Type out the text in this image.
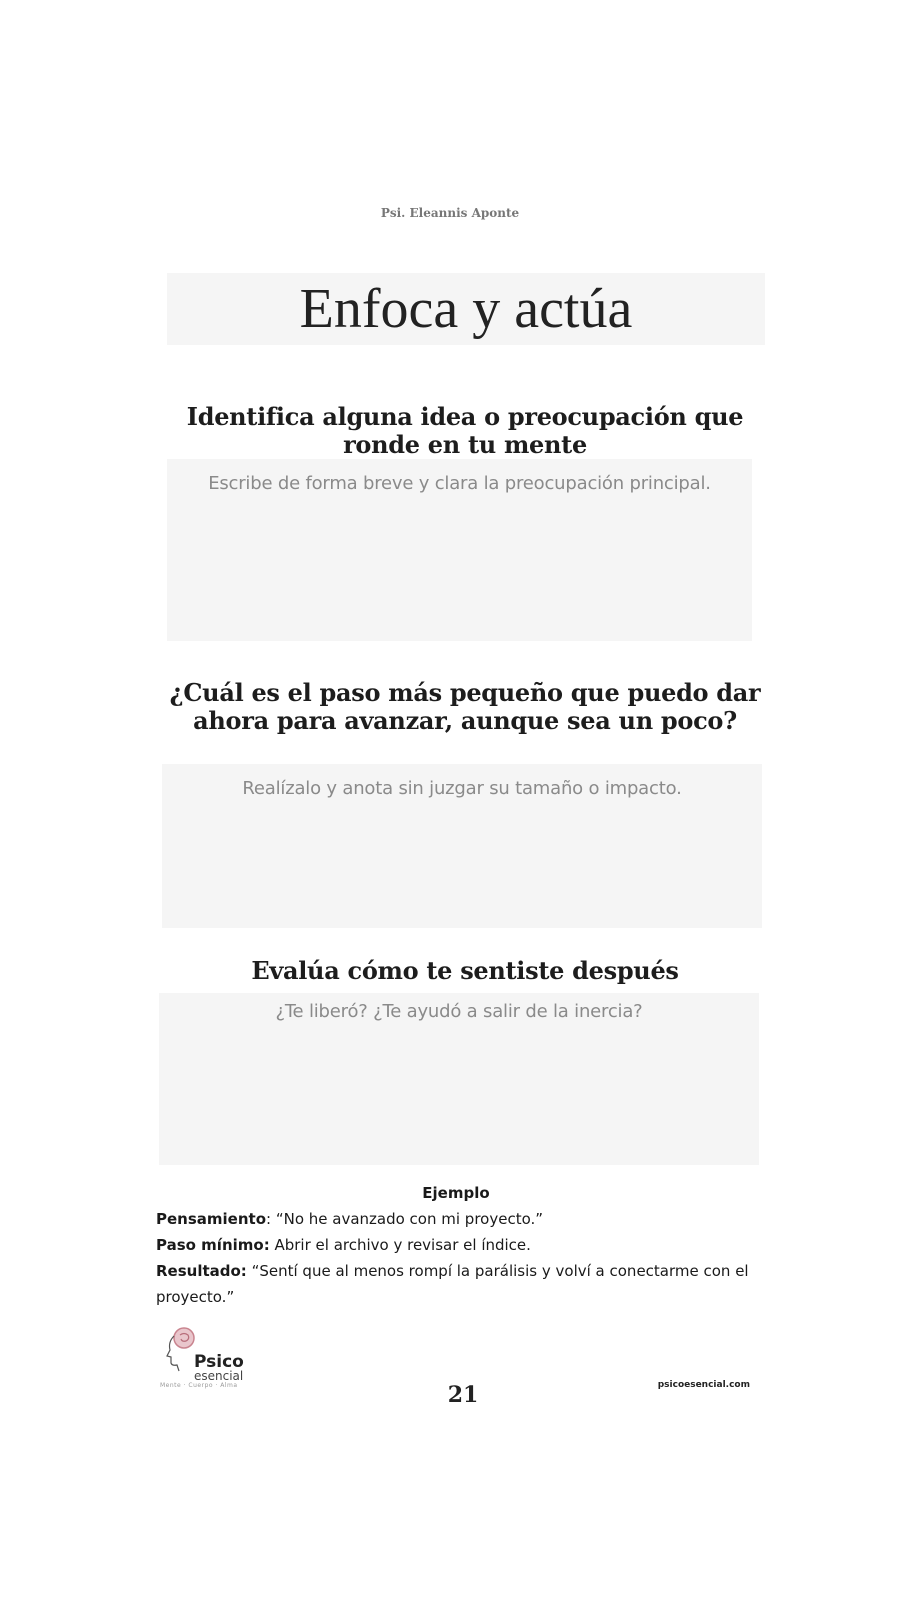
Psi. Eleannis Aponte
Enfoca y actúa
Identifica alguna idea o preocupación que ronde en tu mente
Escribe de forma breve y clara la preocupación principal.
¿Cuál es el paso más pequeño que puedo dar ahora para avanzar, aunque sea un poco?
Realízalo y anota sin juzgar su tamaño o impacto.
Evalúa cómo te sentiste después
¿Te liberó? ¿Te ayudó a salir de la inercia?
Ejemplo
Pensamiento: “No he avanzado con mi proyecto.”
Paso mínimo: Abrir el archivo y revisar el índice.
Resultado: “Sentí que al menos rompí la parálisis y volví a conectarme con el proyecto.”
Psico
esencial
Mente · Cuerpo · Alma	21	psicoesencial.com
